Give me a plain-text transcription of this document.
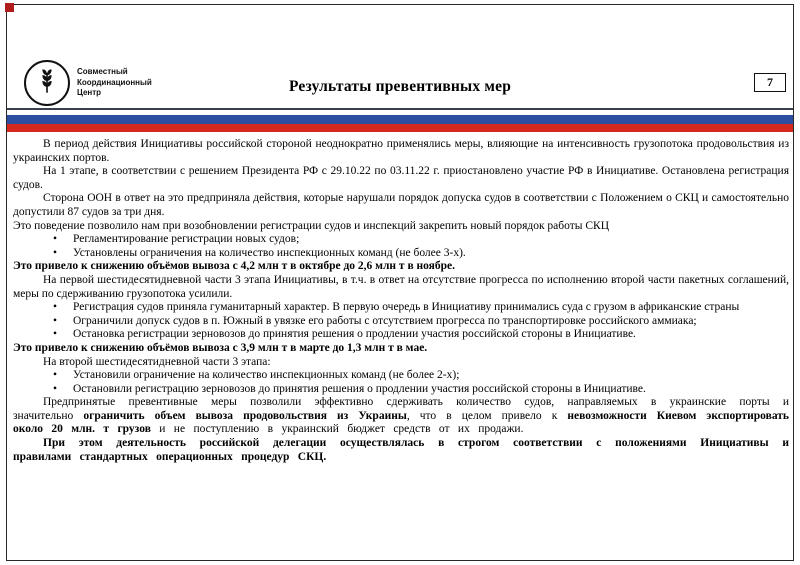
Совместный
Координационный
Центр	Результаты превентивных мер	7
В период действия Инициативы российской стороной неоднократно применялись меры, влияющие на интенсивность грузопотока продовольствия из украинских портов.
На 1 этапе, в соответствии с решением Президента РФ с 29.10.22 по 03.11.22 г. приостановлено участие РФ в Инициативе. Остановлена регистрация судов.
Сторона ООН в ответ на это предприняла действия, которые нарушали порядок допуска судов в соответствии с Положением о СКЦ и самостоятельно допустили 87 судов за три дня.
Это поведение позволило нам при возобновлении регистрации судов и инспекций закрепить новый порядок работы СКЦ
• Регламентирование регистрации новых судов;
• Установлены ограничения на количество инспекционных команд (не более 3-х).
Это привело к снижению объёмов вывоза с 4,2 млн т в октябре до 2,6 млн т в ноябре.
На первой шестидесятидневной части 3 этапа Инициативы, в т.ч. в ответ на отсутствие прогресса по исполнению второй части пакетных соглашений, меры по сдерживанию грузопотока усилили.
• Регистрация судов приняла гуманитарный характер. В первую очередь в Инициативу принимались суда с грузом в африканские страны
• Ограничили допуск судов в п. Южный в увязке его работы с отсутствием прогресса по транспортировке российского аммиака;
• Остановка регистрации зерновозов до принятия решения о продлении участия российской стороны в Инициативе.
Это привело к снижению объёмов вывоза с 3,9 млн т в марте до 1,3 млн т в мае.
На второй шестидесятидневной части 3 этапа:
• Установили ограничение на количество инспекционных команд (не более 2-х);
• Остановили регистрацию зерновозов до принятия решения о продлении участия российской стороны в Инициативе.
Предпринятые превентивные меры позволили эффективно сдерживать количество судов, направляемых в украинские порты и значительно ограничить объем вывоза продовольствия из Украины, что в целом привело к невозможности Киевом экспортировать около 20 млн. т грузов и не поступлению в украинский бюджет средств от их продажи.
При этом деятельность российской делегации осуществлялась в строгом соответствии с положениями Инициативы и правилами стандартных операционных процедур СКЦ.
